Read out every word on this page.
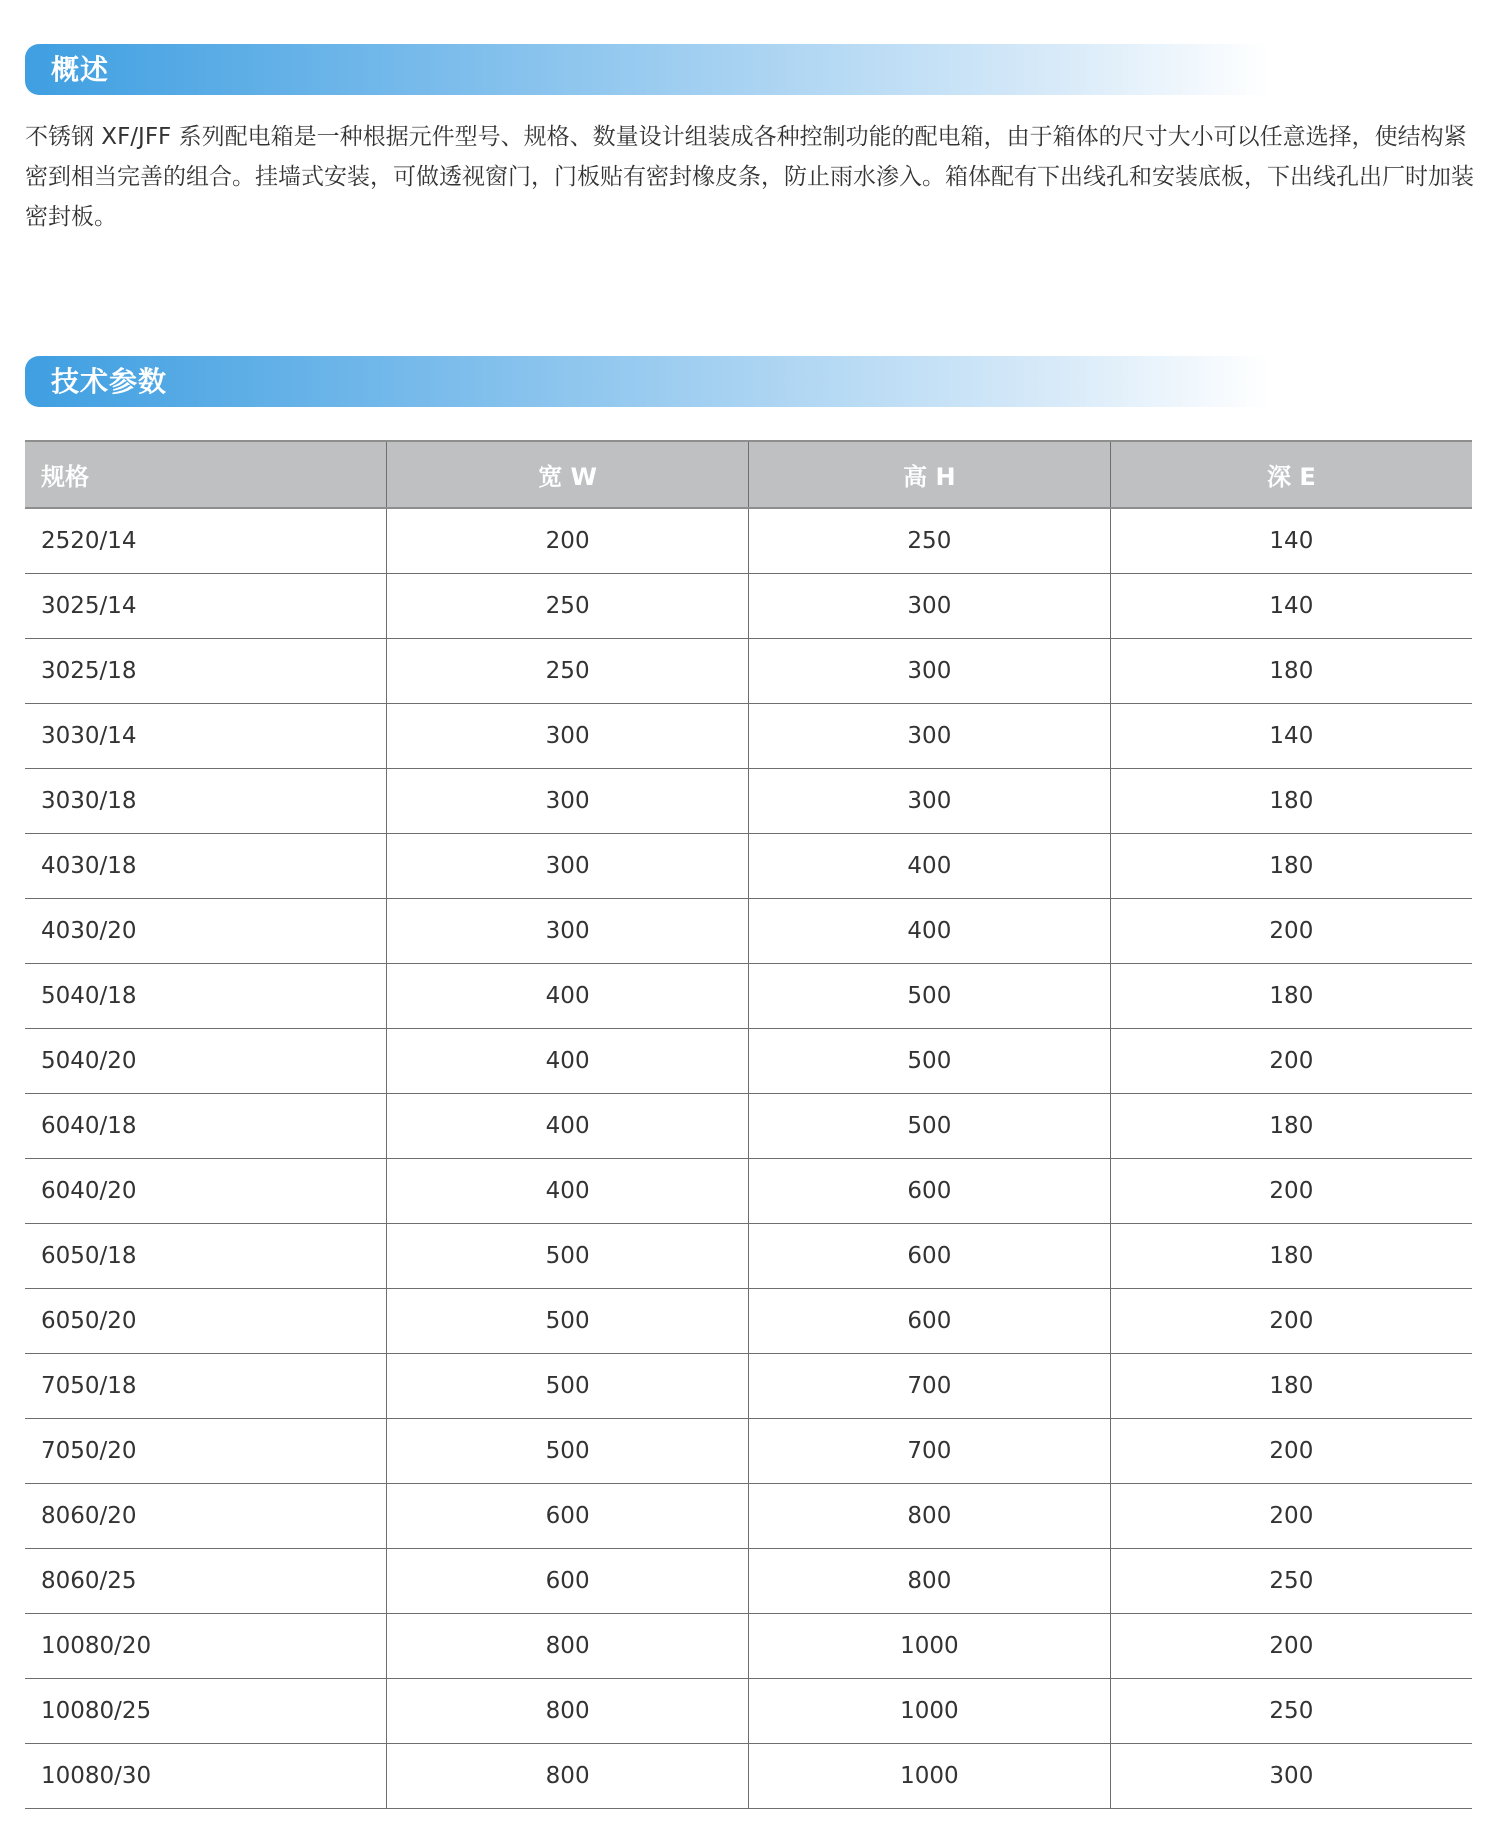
概述

不锈钢 XF/JFF 系列配电箱是一种根据元件型号、规格、数量设计组装成各种控制功能的配电箱，由于箱体的尺寸大小可以任意选择，使结构紧密到相当完善的组合。挂墙式安装，可做透视窗门，门板贴有密封橡皮条，防止雨水渗入。箱体配有下出线孔和安装底板，下出线孔出厂时加装密封板。

技术参数
规格	宽 W	高 H	深 E
2520/14	200	250	140
3025/14	250	300	140
3025/18	250	300	180
3030/14	300	300	140
3030/18	300	300	180
4030/18	300	400	180
4030/20	300	400	200
5040/18	400	500	180
5040/20	400	500	200
6040/18	400	500	180
6040/20	400	600	200
6050/18	500	600	180
6050/20	500	600	200
7050/18	500	700	180
7050/20	500	700	200
8060/20	600	800	200
8060/25	600	800	250
10080/20	800	1000	200
10080/25	800	1000	250
10080/30	800	1000	300
